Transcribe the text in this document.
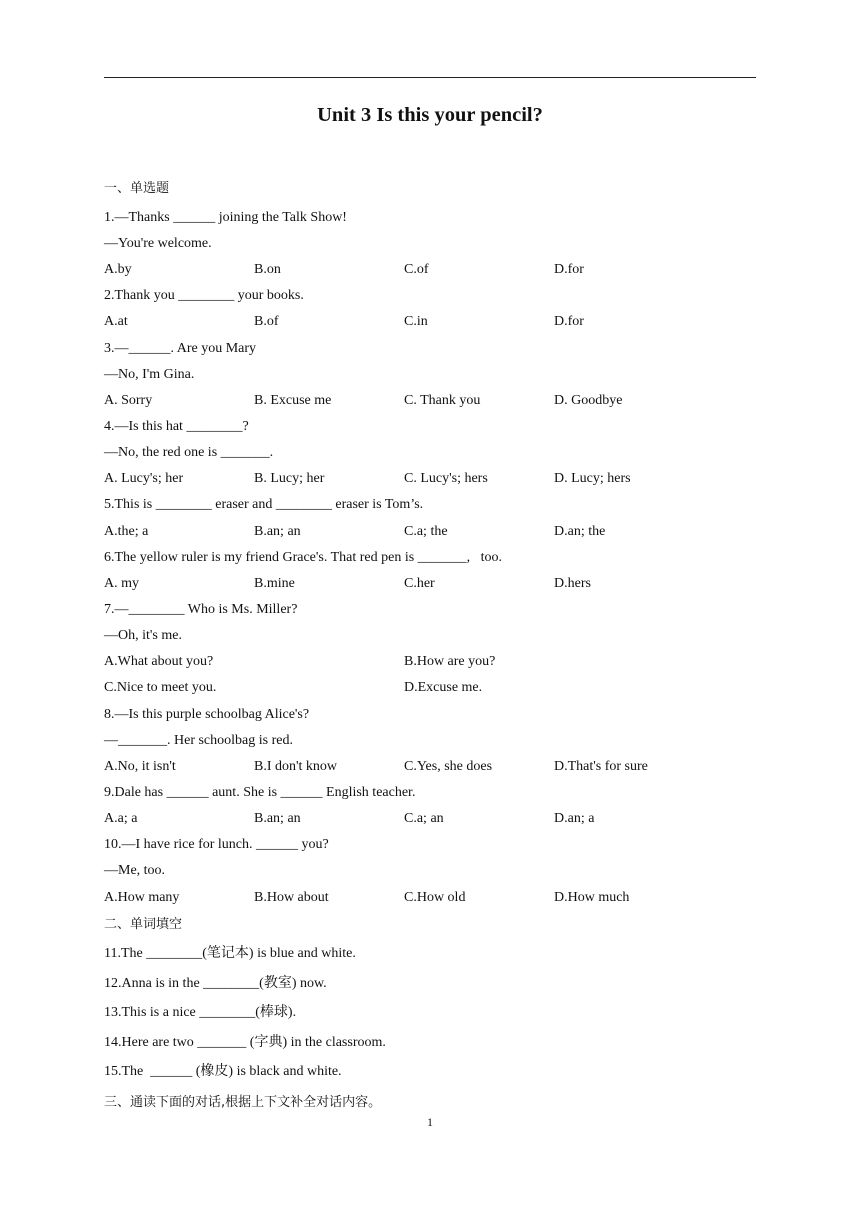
Unit 3 Is this your pencil?
一、单选题
1.—Thanks ______ joining the Talk Show!
—You're welcome.
A.by	B.on	C.of	D.for
2.Thank you ________ your books.
A.at	B.of	C.in	D.for
3.—______. Are you Mary
—No, I'm Gina.
A. Sorry	B. Excuse me	C. Thank you	D. Goodbye
4.—Is this hat ________?
—No, the red one is _______.
A. Lucy's; her	B. Lucy; her	C. Lucy's; hers	D. Lucy; hers
5.This is ________ eraser and ________ eraser is Tom’s.
A.the; a	B.an; an	C.a; the	D.an; the
6.The yellow ruler is my friend Grace's. That red pen is _______,   too.
A. my	B.mine	C.her	D.hers
7.—________ Who is Ms. Miller?
—Oh, it's me.
A.What about you?	B.How are you?
C.Nice to meet you.	D.Excuse me.
8.—Is this purple schoolbag Alice's?
—_______. Her schoolbag is red.
A.No, it isn't	B.I don't know	C.Yes, she does	D.That's for sure
9.Dale has ______ aunt. She is ______ English teacher.
A.a; a	B.an; an	C.a; an	D.an; a
10.—I have rice for lunch. ______ you?
—Me, too.
A.How many	B.How about	C.How old	D.How much
二、单词填空
11.The ________(笔记本) is blue and white.
12.Anna is in the ________(教室) now.
13.This is a nice ________(棒球).
14.Here are two _______ (字典) in the classroom.
15.The  ______ (橡皮) is black and white.
三、通读下面的对话,根据上下文补全对话内容。
1
